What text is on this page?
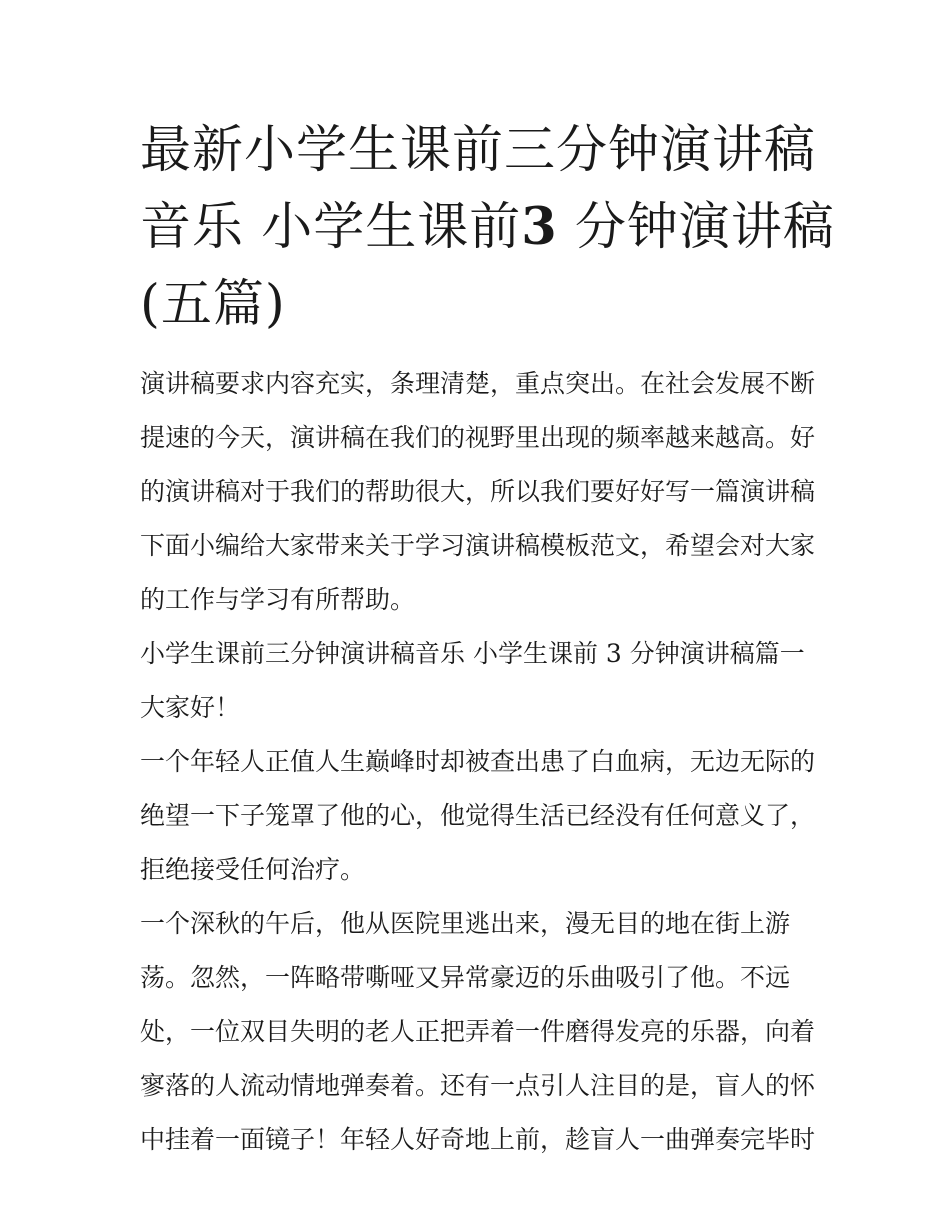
最新小学生课前三分钟演讲稿
音乐 小学生课前3 分钟演讲稿
(五篇)

演讲稿要求内容充实，条理清楚，重点突出。在社会发展不断
提速的今天，演讲稿在我们的视野里出现的频率越来越高。好
的演讲稿对于我们的帮助很大，所以我们要好好写一篇演讲稿
下面小编给大家带来关于学习演讲稿模板范文，希望会对大家
的工作与学习有所帮助。

小学生课前三分钟演讲稿音乐 小学生课前 3 分钟演讲稿篇一

大家好！

一个年轻人正值人生巅峰时却被查出患了白血病，无边无际的
绝望一下子笼罩了他的心，他觉得生活已经没有任何意义了，
拒绝接受任何治疗。

一个深秋的午后，他从医院里逃出来，漫无目的地在街上游
荡。忽然，一阵略带嘶哑又异常豪迈的乐曲吸引了他。不远
处，一位双目失明的老人正把弄着一件磨得发亮的乐器，向着
寥落的人流动情地弹奏着。还有一点引人注目的是，盲人的怀
中挂着一面镜子！年轻人好奇地上前，趁盲人一曲弹奏完毕时
